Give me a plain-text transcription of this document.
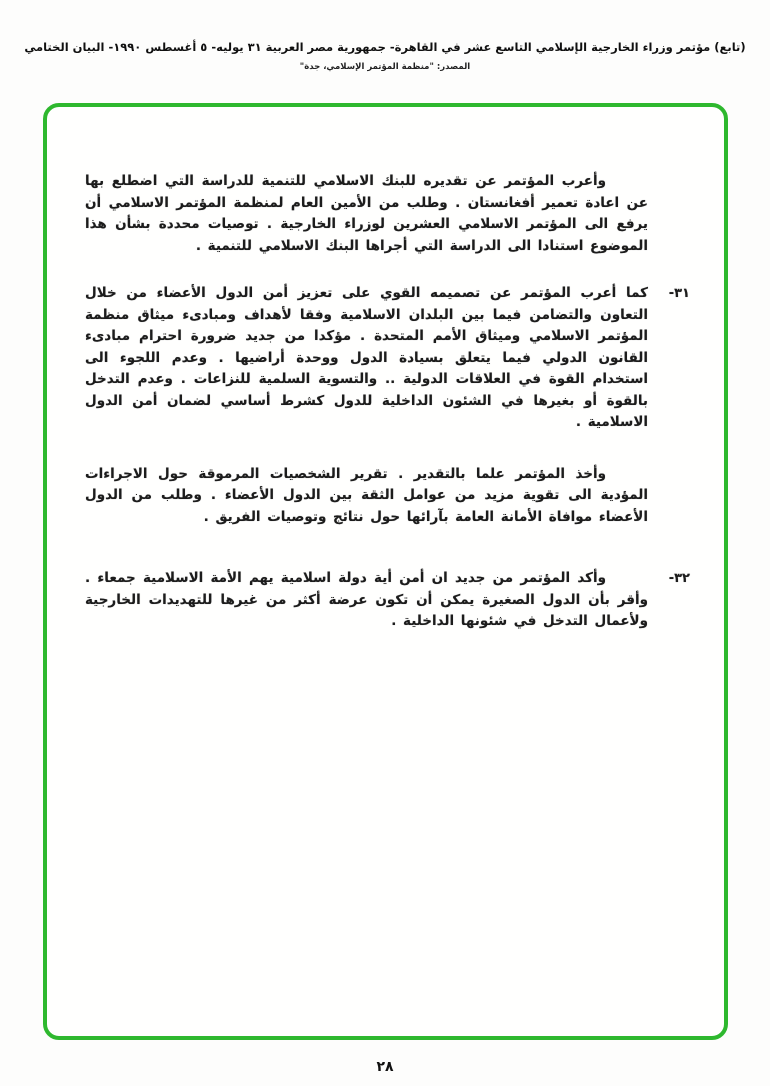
(تابع) مؤتمر وزراء الخارجية الإسلامي التاسع عشر في القاهرة- جمهورية مصر العربية ٣١ يوليه- ٥ أغسطس ١٩٩٠- البيان الختامي
المصدر: "منظمة المؤتمر الإسلامي، جدة"

وأعرب المؤتمر عن تقديره للبنك الاسلامي للتنمية للدراسة التي اضطلع بها عن اعادة تعمير أفغانستان . وطلب من الأمين العام لمنظمة المؤتمر الاسلامي أن يرفع الى المؤتمر الاسلامي العشرين لوزراء الخارجية . توصيات محددة بشأن هذا الموضوع استنادا الى الدراسة التي أجراها البنك الاسلامي للتنمية .

٣١-

كما أعرب المؤتمر عن تصميمه القوي على تعزيز أمن الدول الأعضاء من خلال التعاون والتضامن فيما بين البلدان الاسلامية وفقا لأهداف ومبادىء ميثاق منظمة المؤتمر الاسلامي وميثاق الأمم المتحدة . مؤكدا من جديد ضرورة احترام مبادىء القانون الدولي فيما يتعلق بسيادة الدول ووحدة أراضيها . وعدم اللجوء الى استخدام القوة في العلاقات الدولية .. والتسوية السلمية للنزاعات . وعدم التدخل بالقوة أو بغيرها في الشئون الداخلية للدول كشرط أساسي لضمان أمن الدول الاسلامية .

وأخذ المؤتمر علما بالتقدير . تقرير الشخصيات المرموقة حول الاجراءات المؤدية الى تقوية مزيد من عوامل الثقة بين الدول الأعضاء . وطلب من الدول الأعضاء موافاة الأمانة العامة بآرائها حول نتائج وتوصيات الفريق .

٣٢-

وأكد المؤتمر من جديد ان أمن أية دولة اسلامية يهم الأمة الاسلامية جمعاء . وأقر بأن الدول الصغيرة يمكن أن تكون عرضة أكثر من غيرها للتهديدات الخارجية ولأعمال التدخل في شئونها الداخلية .

٢٨
